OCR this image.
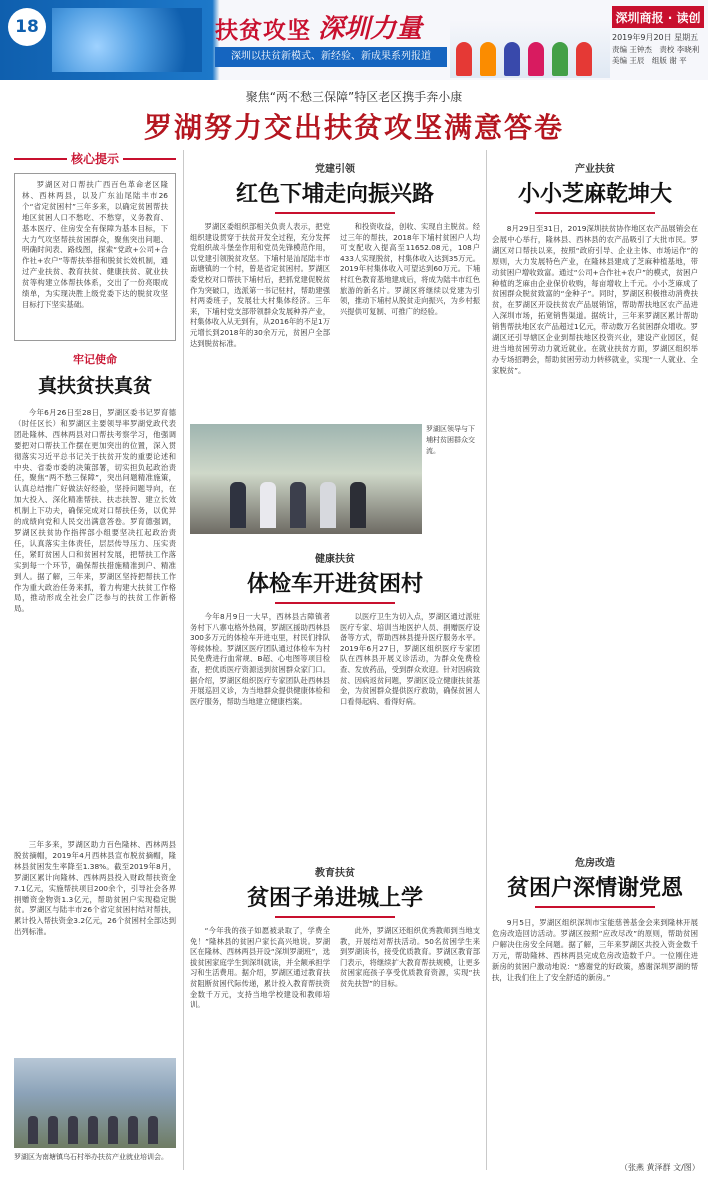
18	扶贫攻坚 深圳力量
深圳以扶贫新模式、新经验、新成果系列报道
深圳商报 · 读创
2019年9月20日 星期五
责编 王钟杰　责校 李晓利
美编 王辰　组版 谢 平
聚焦“两不愁三保障”特区老区携手奔小康
罗湖努力交出扶贫攻坚满意答卷
核心提示
罗湖区对口帮扶广西百色革命老区隆林、西林两县，以及广东汕尾陆丰市26个“省定贫困村”三年多来，以确定贫困帮扶地区贫困人口不愁吃、不愁穿，义务教育、基本医疗、住房安全有保障为基本目标，下大力气攻坚帮扶贫困群众，聚焦突出问题、明确时间表、路线图，探索“党政+公司+合作社+农户”等帮扶举措和脱贫长效机制，通过产业扶贫、教育扶贫、健康扶贫、就业扶贫等构建立体帮扶体系，交出了一份亮眼成绩单，为实现决胜上级党委下达的脱贫攻坚目标打下坚实基础。
牢记使命
真扶贫扶真贫
今年6月26日至28日，罗湖区委书记罗育德（时任区长）和罗湖区主要领导率罗湖党政代表团赴隆林、西林两县对口帮扶考察学习，他强调要把对口帮扶工作摆在更加突出的位置，深入贯彻落实习近平总书记关于扶贫开发的重要论述和中央、省委市委的决策部署，切实担负起政治责任，聚焦“两不愁三保障”，突出问题精准施策，认真总结推广好做法好经验，坚持问题导向，在加大投入、深化精准帮扶、扶志扶智、建立长效机制上下功夫，确保完成对口帮扶任务，以优异的成绩向党和人民交出满意答卷。罗育德强调，罗湖区扶贫协作指挥部小组要坚决扛起政治责任，认真落实主体责任，层层传导压力、压实责任，紧盯贫困人口和贫困村发展，把帮扶工作落实到每一个环节，确保帮扶措施精准到户、精准到人。据了解，三年来，罗湖区坚持把帮扶工作作为重大政治任务来抓，着力构建大扶贫工作格局，推动形成全社会广泛参与的扶贫工作新格局。
三年多来，罗湖区助力百色隆林、西林两县脱贫摘帽，2019年4月西林县宣布脱贫摘帽，隆林县贫困发生率降至1.38%。截至2019年8月，罗湖区累计向隆林、西林两县投入财政帮扶资金7.1亿元，实施帮扶项目200余个，引导社会各界捐赠资金物资1.3亿元，帮助贫困户实现稳定脱贫。罗湖区与陆丰市26个省定贫困村结对帮扶，累计投入帮扶资金3.2亿元，26个贫困村全部达到出列标准。
罗湖区为南塘镇乌石村举办扶贫产业就业培训会。
党建引领
红色下埔走向振兴路
罗湖区委组织部相关负责人表示，把党组织建设贯穿于扶贫开发全过程，充分发挥党组织战斗堡垒作用和党员先锋模范作用，以党建引领脱贫攻坚。下埔村是汕尾陆丰市南塘镇的一个村，曾是省定贫困村。罗湖区委党校对口帮扶下埔村后，把抓党建促脱贫作为突破口，选派第一书记驻村，帮助建强村两委班子，发展壮大村集体经济。三年来，下埔村党支部带领群众发展种养产业，村集体收入从无到有，从2016年的不足1万元增长到2018年的30余万元，贫困户全部达到脱贫标准。
和投资收益，创收、实现自主脱贫。经过三年的帮扶，2018年下埔村贫困户人均可支配收入提高至11652.08元，108户433人实现脱贫，村集体收入达到35万元。2019年村集体收入可望达到60万元。下埔村红色教育基地建成后，将成为陆丰市红色旅游的新名片。罗湖区将继续以党建为引领，推动下埔村从脱贫走向振兴，为乡村振兴提供可复制、可推广的经验。
罗湖区领导与下埔村贫困群众交流。
健康扶贫
体检车开进贫困村
今年8月9日一大早，西林县古障镇者务村下八寨屯格外热闹，罗湖区援助西林县300多万元的体检车开进屯里，村民们排队等候体检。罗湖区医疗团队通过体检车为村民免费进行血常规、B超、心电图等项目检查，把优质医疗资源送到贫困群众家门口。据介绍，罗湖区组织医疗专家团队赴西林县开展巡回义诊，为当地群众提供健康体检和医疗服务，帮助当地建立健康档案。
以医疗卫生为切入点，罗湖区通过派驻医疗专家、培训当地医护人员、捐赠医疗设备等方式，帮助西林县提升医疗服务水平。2019年6月27日，罗湖区组织医疗专家团队在西林县开展义诊活动，为群众免费检查、发放药品，受到群众欢迎。针对因病致贫、因病返贫问题，罗湖区设立健康扶贫基金，为贫困群众提供医疗救助，确保贫困人口看得起病、看得好病。
教育扶贫
贫困子弟进城上学
“今年我的孩子如愿被录取了，学费全免！”隆林县的贫困户家长高兴地说。罗湖区在隆林、西林两县开设“深圳罗湖班”，选拔贫困家庭学生到深圳就读，并全额承担学习和生活费用。据介绍，罗湖区通过教育扶贫阻断贫困代际传递，累计投入教育帮扶资金数千万元，支持当地学校建设和教师培训。
此外，罗湖区还组织优秀教师到当地支教，开展结对帮扶活动。50名贫困学生来到罗湖读书，接受优质教育。罗湖区教育部门表示，将继续扩大教育帮扶规模，让更多贫困家庭孩子享受优质教育资源，实现“扶贫先扶智”的目标。
产业扶贫
小小芝麻乾坤大
8月29日至31日，2019深圳扶贫协作地区农产品展销会在会展中心举行，隆林县、西林县的农产品吸引了大批市民。罗湖区对口帮扶以来，按照“政府引导、企业主体、市场运作”的原则，大力发展特色产业，在隆林县建成了芝麻种植基地，带动贫困户增收致富。通过“公司+合作社+农户”的模式，贫困户种植的芝麻由企业保价收购，每亩增收上千元。小小芝麻成了贫困群众脱贫致富的“金种子”。同时，罗湖区积极推动消费扶贫，在罗湖区开设扶贫农产品展销馆，帮助帮扶地区农产品进入深圳市场，拓宽销售渠道。据统计，三年来罗湖区累计帮助销售帮扶地区农产品超过1亿元，带动数万名贫困群众增收。罗湖区还引导辖区企业到帮扶地区投资兴业，建设产业园区，促进当地贫困劳动力就近就业。在就业扶贫方面，罗湖区组织举办专场招聘会，帮助贫困劳动力转移就业，实现“一人就业、全家脱贫”。
危房改造
贫困户深情谢党恩
9月5日，罗湖区组织深圳市宝能慈善基金会来到隆林开展危房改造回访活动。罗湖区按照“应改尽改”的原则，帮助贫困户解决住房安全问题。据了解，三年来罗湖区共投入资金数千万元，帮助隆林、西林两县完成危房改造数千户。一位刚住进新房的贫困户激动地说：“感谢党的好政策，感谢深圳罗湖的帮扶，让我们住上了安全舒适的新房。”
（张燕 黄泽群 文/图）
